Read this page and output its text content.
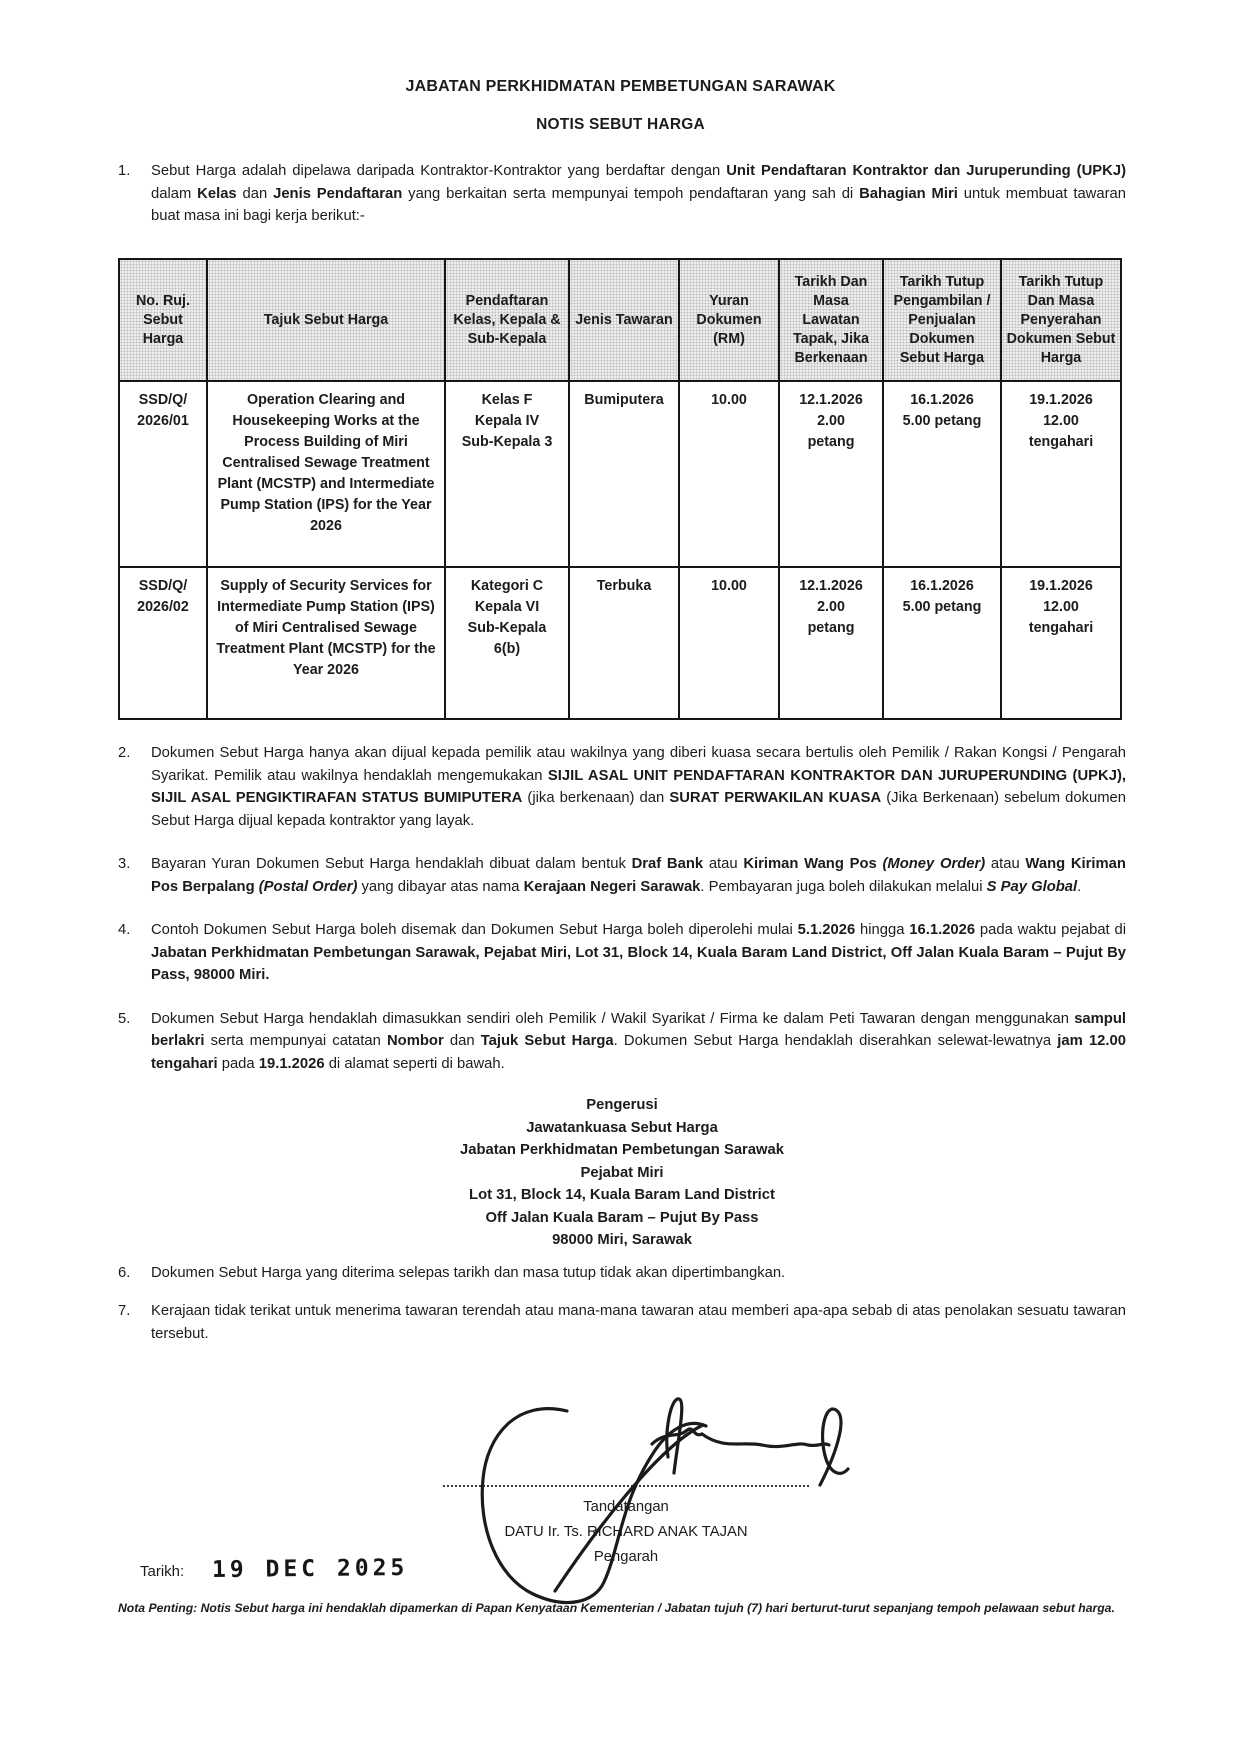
JABATAN PERKHIDMATAN PEMBETUNGAN SARAWAK
NOTIS SEBUT HARGA
1.	Sebut Harga adalah dipelawa daripada Kontraktor-Kontraktor yang berdaftar dengan Unit Pendaftaran Kontraktor dan Juruperunding (UPKJ) dalam Kelas dan Jenis Pendaftaran yang berkaitan serta mempunyai tempoh pendaftaran yang sah di Bahagian Miri untuk membuat tawaran buat masa ini bagi kerja berikut:-
No. Ruj. Sebut Harga	Tajuk Sebut Harga	Pendaftaran Kelas, Kepala & Sub-Kepala	Jenis Tawaran	Yuran Dokumen (RM)	Tarikh Dan Masa Lawatan Tapak, Jika Berkenaan	Tarikh Tutup Pengambilan / Penjualan Dokumen Sebut Harga	Tarikh Tutup Dan Masa Penyerahan Dokumen Sebut Harga
SSD/Q/
2026/01	Operation Clearing and Housekeeping Works at the Process Building of Miri Centralised Sewage Treatment Plant (MCSTP) and Intermediate Pump Station (IPS) for the Year 2026	Kelas F
Kepala IV
Sub-Kepala 3	Bumiputera	10.00	12.1.2026
2.00
petang	16.1.2026
5.00 petang	19.1.2026
12.00
tengahari
SSD/Q/
2026/02	Supply of Security Services for Intermediate Pump Station (IPS) of Miri Centralised Sewage Treatment Plant (MCSTP) for the Year 2026	Kategori C
Kepala VI
Sub-Kepala
6(b)	Terbuka	10.00	12.1.2026
2.00
petang	16.1.2026
5.00 petang	19.1.2026
12.00
tengahari
2.	Dokumen Sebut Harga hanya akan dijual kepada pemilik atau wakilnya yang diberi kuasa secara bertulis oleh Pemilik / Rakan Kongsi / Pengarah Syarikat. Pemilik atau wakilnya hendaklah mengemukakan SIJIL ASAL UNIT PENDAFTARAN KONTRAKTOR DAN JURUPERUNDING (UPKJ), SIJIL ASAL PENGIKTIRAFAN STATUS BUMIPUTERA (jika berkenaan) dan SURAT PERWAKILAN KUASA (Jika Berkenaan) sebelum dokumen Sebut Harga dijual kepada kontraktor yang layak.
3.	Bayaran Yuran Dokumen Sebut Harga hendaklah dibuat dalam bentuk Draf Bank atau Kiriman Wang Pos (Money Order) atau Wang Kiriman Pos Berpalang (Postal Order) yang dibayar atas nama Kerajaan Negeri Sarawak. Pembayaran juga boleh dilakukan melalui S Pay Global.
4.	Contoh Dokumen Sebut Harga boleh disemak dan Dokumen Sebut Harga boleh diperolehi mulai 5.1.2026 hingga 16.1.2026 pada waktu pejabat di Jabatan Perkhidmatan Pembetungan Sarawak, Pejabat Miri, Lot 31, Block 14, Kuala Baram Land District, Off Jalan Kuala Baram – Pujut By Pass, 98000 Miri.
5.	Dokumen Sebut Harga hendaklah dimasukkan sendiri oleh Pemilik / Wakil Syarikat / Firma ke dalam Peti Tawaran dengan menggunakan sampul berlakri serta mempunyai catatan Nombor dan Tajuk Sebut Harga. Dokumen Sebut Harga hendaklah diserahkan selewat-lewatnya jam 12.00 tengahari pada 19.1.2026 di alamat seperti di bawah.
Pengerusi
Jawatankuasa Sebut Harga
Jabatan Perkhidmatan Pembetungan Sarawak
Pejabat Miri
Lot 31, Block 14, Kuala Baram Land District
Off Jalan Kuala Baram – Pujut By Pass
98000 Miri, Sarawak
6.	Dokumen Sebut Harga yang diterima selepas tarikh dan masa tutup tidak akan dipertimbangkan.
7.	Kerajaan tidak terikat untuk menerima tawaran terendah atau mana-mana tawaran atau memberi apa-apa sebab di atas penolakan sesuatu tawaran tersebut.
Tandatangan
DATU Ir. Ts. RICHARD ANAK TAJAN
Pengarah
Tarikh: 19 DEC 2025
Nota Penting: Notis Sebut harga ini hendaklah dipamerkan di Papan Kenyataan Kementerian / Jabatan tujuh (7) hari berturut-turut sepanjang tempoh pelawaan sebut harga.
